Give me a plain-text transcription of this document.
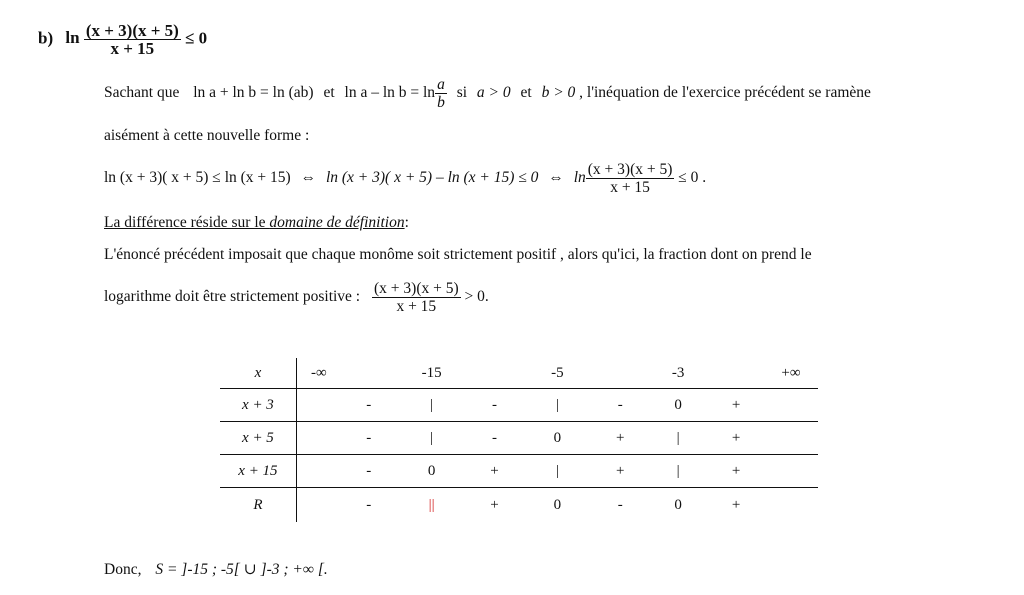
b) $\ln \frac{(x + 3)(x + 5)}{x + 15} \le 0$
Sachant que ln a + ln b = ln (ab) et $\ln a - \ln b = \ln \frac{a}{b}$ si a > 0 et b > 0 , l'inéquation de l'exercice précédent se ramène
aisément à cette nouvelle forme :
ln (x + 3)( x + 5) ≤ ln (x + 15) ⇔ ln (x + 3)( x + 5) – ln (x + 15) ≤ 0 ⇔ $\ln \frac{(x + 3)(x + 5)}{x + 15} \le 0$ .
La différence réside sur le domaine de définition:
L'énoncé précédent imposait que chaque monôme soit strictement positif , alors qu'ici, la fraction dont on prend le
logarithme doit être strictement positive : $\frac{(x + 3)(x + 5)}{x + 15} > 0$.
x	-∞		-15		-5		-3		+∞
x + 3		-	|	-	|	-	0	+	
x + 5		-	|	-	0	+	|	+	
x + 15		-	0	+	|	+	|	+	
R		-	||	+	0	-	0	+	
Donc, S = ]-15 ; -5[ ∪ ]-3 ; +∞ [.
